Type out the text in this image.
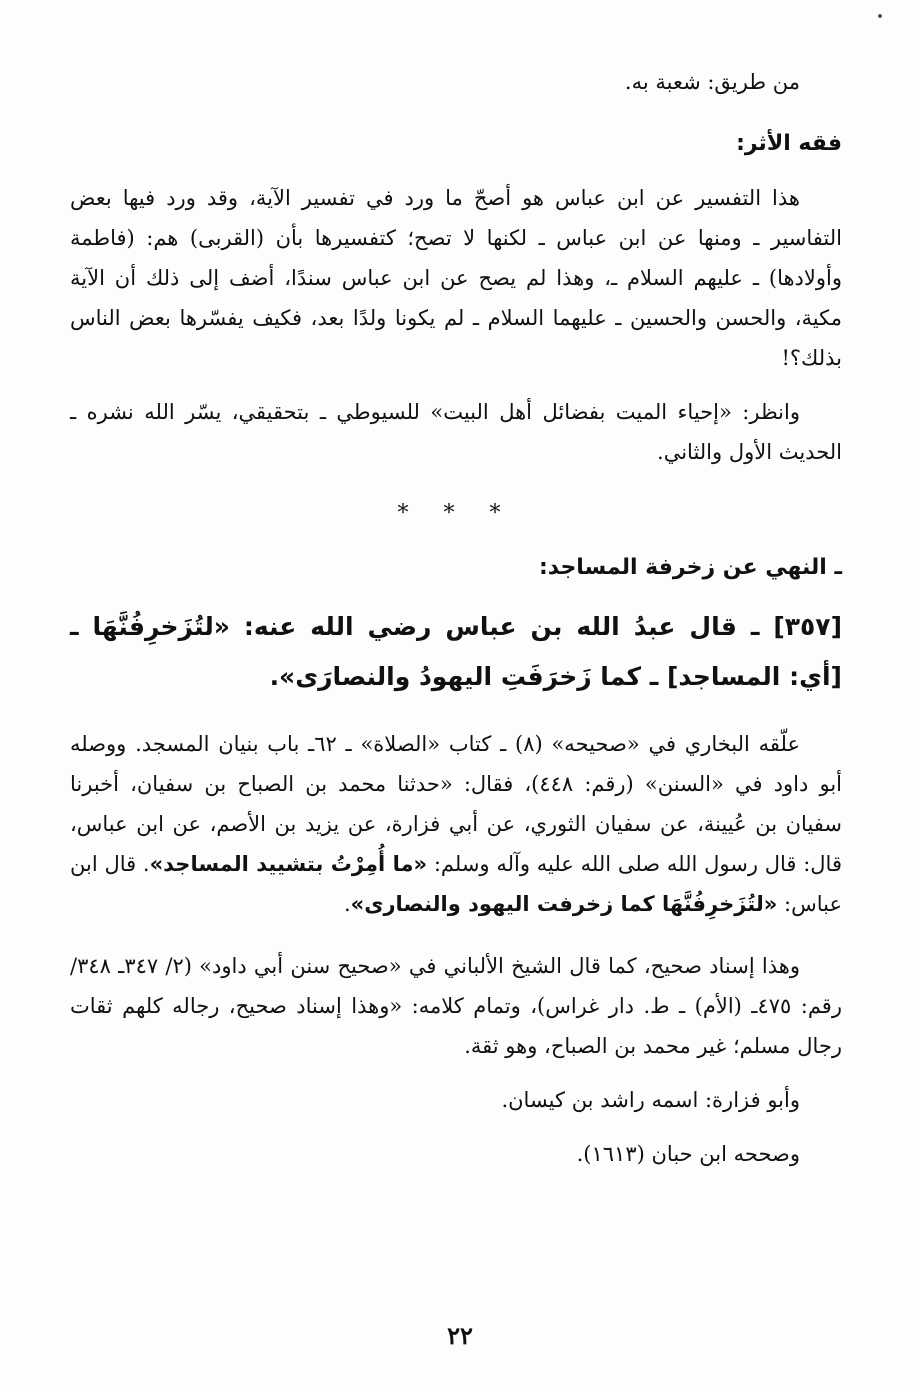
من طريق: شعبة به.

فقه الأثر:

هذا التفسير عن ابن عباس هو أصحّ ما ورد في تفسير الآية، وقد ورد فيها بعض التفاسير ـ ومنها عن ابن عباس ـ لكنها لا تصح؛ كتفسيرها بأن (القربى) هم: (فاطمة وأولادها) ـ عليهم السلام ـ، وهذا لم يصح عن ابن عباس سندًا، أضف إلى ذلك أن الآية مكية، والحسن والحسين ـ عليهما السلام ـ لم يكونا ولدًا بعد، فكيف يفسّرها بعض الناس بذلك؟!

وانظر: «إحياء الميت بفضائل أهل البيت» للسيوطي ـ بتحقيقي، يسّر الله نشره ـ الحديث الأول والثاني.

* * *

ـ النهي عن زخرفة المساجد:

[٣٥٧] ـ قال عبدُ الله بن عباس رضي الله عنه: «لتُزَخرِفُنَّهَا ـ [أي: المساجد] ـ كما زَخرَفَتِ اليهودُ والنصارَى».

علّقه البخاري في «صحيحه» (٨) ـ كتاب «الصلاة» ـ ٦٢ـ باب بنيان المسجد. ووصله أبو داود في «السنن» (رقم: ٤٤٨)، فقال: «حدثنا محمد بن الصباح بن سفيان، أخبرنا سفيان بن عُيينة، عن سفيان الثوري، عن أبي فزارة، عن يزيد بن الأصم، عن ابن عباس، قال: قال رسول الله صلى الله عليه وآله وسلم: «ما أُمِرْتُ بتشييد المساجد». قال ابن عباس: «لتُزَخرِفُنَّهَا كما زخرفت اليهود والنصارى».

وهذا إسناد صحيح، كما قال الشيخ الألباني في «صحيح سنن أبي داود» (٢/ ٣٤٧ـ ٣٤٨/رقم: ٤٧٥ـ (الأم) ـ ط. دار غراس)، وتمام كلامه: «وهذا إسناد صحيح، رجاله كلهم ثقات رجال مسلم؛ غير محمد بن الصباح، وهو ثقة.

وأبو فزارة: اسمه راشد بن كيسان.

وصححه ابن حبان (١٦١٣).

٢٢
